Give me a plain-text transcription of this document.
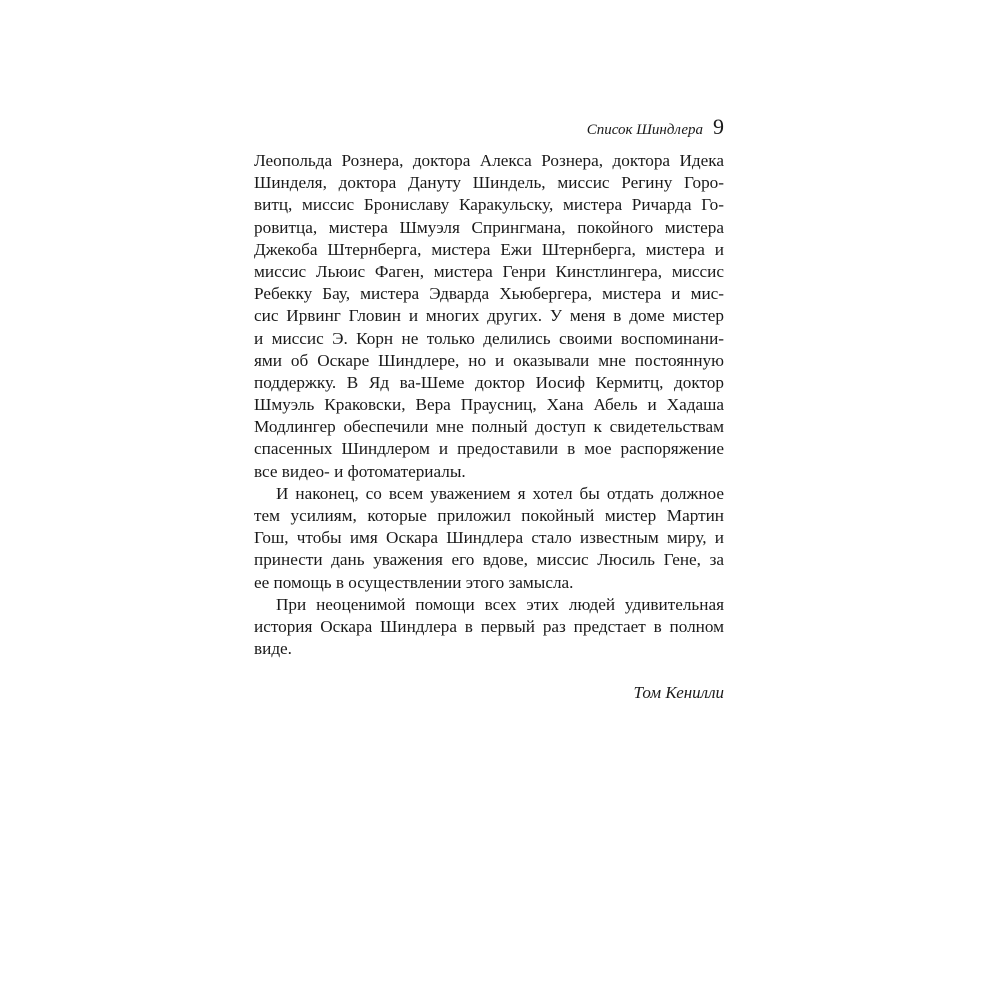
Список Шиндлера 9
Леопольда Рознера, доктора Алекса Рознера, доктора Идека
Шинделя, доктора Дануту Шиндель, миссис Регину Горо-
витц, миссис Брониславу Каракульску, мистера Ричарда Го-
ровитца, мистера Шмуэля Спрингмана, покойного мистера
Джекоба Штернберга, мистера Ежи Штернберга, мистера и
миссис Льюис Фаген, мистера Генри Кинстлингера, миссис
Ребекку Бау, мистера Эдварда Хьюбергера, мистера и мис-
сис Ирвинг Гловин и многих других. У меня в доме мистер
и миссис Э. Корн не только делились своими воспоминани-
ями об Оскаре Шиндлере, но и оказывали мне постоянную
поддержку. В Яд ва-Шеме доктор Иосиф Кермитц, доктор
Шмуэль Краковски, Вера Праусниц, Хана Абель и Хадаша
Модлингер обеспечили мне полный доступ к свидетельствам
спасенных Шиндлером и предоставили в мое распоряжение
все видео- и фотоматериалы.
И наконец, со всем уважением я хотел бы отдать должное
тем усилиям, которые приложил покойный мистер Мартин
Гош, чтобы имя Оскара Шиндлера стало известным миру, и
принести дань уважения его вдове, миссис Люсиль Гене, за
ее помощь в осуществлении этого замысла.
При неоценимой помощи всех этих людей удивительная
история Оскара Шиндлера в первый раз предстает в полном
виде.
Том Кенилли
